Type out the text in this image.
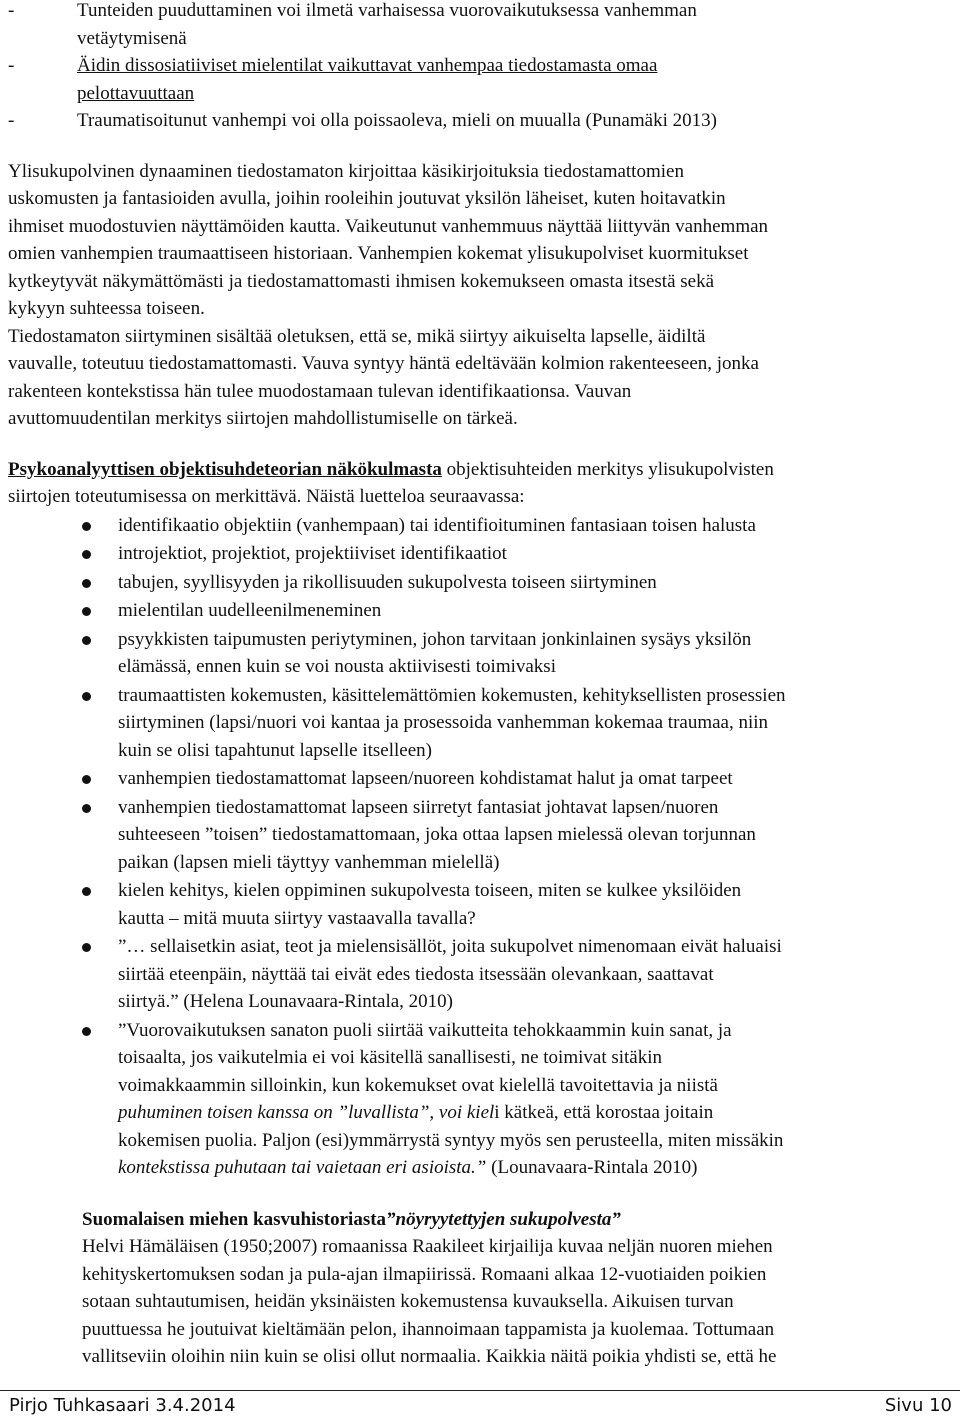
-	Tunteiden puuduttaminen voi ilmetä varhaisessa vuorovaikutuksessa vanhemman
vetäytymisenä
-	Äidin dissosiatiiviset mielentilat vaikuttavat vanhempaa tiedostamasta omaa
pelottavuuttaan
-	Traumatisoitunut vanhempi voi olla poissaoleva, mieli on muualla (Punamäki 2013)

Ylisukupolvinen dynaaminen tiedostamaton kirjoittaa käsikirjoituksia tiedostamattomien
uskomusten ja fantasioiden avulla, joihin rooleihin joutuvat yksilön läheiset, kuten hoitavatkin
ihmiset muodostuvien näyttämöiden kautta. Vaikeutunut vanhemmuus näyttää liittyvän vanhemman
omien vanhempien traumaattiseen historiaan. Vanhempien kokemat ylisukupolviset kuormitukset
kytkeytyvät näkymättömästi ja tiedostamattomasti ihmisen kokemukseen omasta itsestä sekä
kykyyn suhteessa toiseen.

Tiedostamaton siirtyminen sisältää oletuksen, että se, mikä siirtyy aikuiselta lapselle, äidiltä
vauvalle, toteutuu tiedostamattomasti. Vauva syntyy häntä edeltävään kolmion rakenteeseen, jonka
rakenteen kontekstissa hän tulee muodostamaan tulevan identifikaationsa. Vauvan
avuttomuudentilan merkitys siirtojen mahdollistumiselle on tärkeä.

Psykoanalyyttisen objektisuhdeteorian näkökulmasta objektisuhteiden merkitys ylisukupolvisten
siirtojen toteutumisessa on merkittävä. Näistä luetteloa seuraavassa:

identifikaatio objektiin (vanhempaan) tai identifioituminen fantasiaan toisen halusta
introjektiot, projektiot, projektiiviset identifikaatiot
tabujen, syyllisyyden ja rikollisuuden sukupolvesta toiseen siirtyminen
mielentilan uudelleenilmeneminen
psyykkisten taipumusten periytyminen, johon tarvitaan jonkinlainen sysäys yksilön
elämässä, ennen kuin se voi nousta aktiivisesti toimivaksi
traumaattisten kokemusten, käsittelemättömien kokemusten, kehityksellisten prosessien
siirtyminen (lapsi/nuori voi kantaa ja prosessoida vanhemman kokemaa traumaa, niin
kuin se olisi tapahtunut lapselle itselleen)
vanhempien tiedostamattomat lapseen/nuoreen kohdistamat halut ja omat tarpeet
vanhempien tiedostamattomat lapseen siirretyt fantasiat johtavat lapsen/nuoren
suhteeseen ”toisen” tiedostamattomaan, joka ottaa lapsen mielessä olevan torjunnan
paikan (lapsen mieli täyttyy vanhemman mielellä)
kielen kehitys, kielen oppiminen sukupolvesta toiseen, miten se kulkee yksilöiden
kautta – mitä muuta siirtyy vastaavalla tavalla?
”… sellaisetkin asiat, teot ja mielensisällöt, joita sukupolvet nimenomaan eivät haluaisi
siirtää eteenpäin, näyttää tai eivät edes tiedosta itsessään olevankaan, saattavat
siirtyä.” (Helena Lounavaara-Rintala, 2010)
”Vuorovaikutuksen sanaton puoli siirtää vaikutteita tehokkaammin kuin sanat, ja
toisaalta, jos vaikutelmia ei voi käsitellä sanallisesti, ne toimivat sitäkin
voimakkaammin silloinkin, kun kokemukset ovat kielellä tavoitettavia ja niistä
puhuminen toisen kanssa on ”luvallista”, voi kieli kätkeä, että korostaa joitain
kokemisen puolia. Paljon (esi)ymmärrystä syntyy myös sen perusteella, miten missäkin
kontekstissa puhutaan tai vaietaan eri asioista.” (Lounavaara-Rintala 2010)

Suomalaisen miehen kasvuhistoriasta”nöyryytettyjen sukupolvesta”

Helvi Hämäläisen (1950;2007) romaanissa Raakileet kirjailija kuvaa neljän nuoren miehen
kehityskertomuksen sodan ja pula-ajan ilmapiirissä. Romaani alkaa 12-vuotiaiden poikien
sotaan suhtautumisen, heidän yksinäisten kokemustensa kuvauksella. Aikuisen turvan
puuttuessa he joutuivat kieltämään pelon, ihannoimaan tappamista ja kuolemaa. Tottumaan
vallitseviin oloihin niin kuin se olisi ollut normaalia. Kaikkia näitä poikia yhdisti se, että he

Pirjo Tuhkasaari 3.4.2014	Sivu 10
